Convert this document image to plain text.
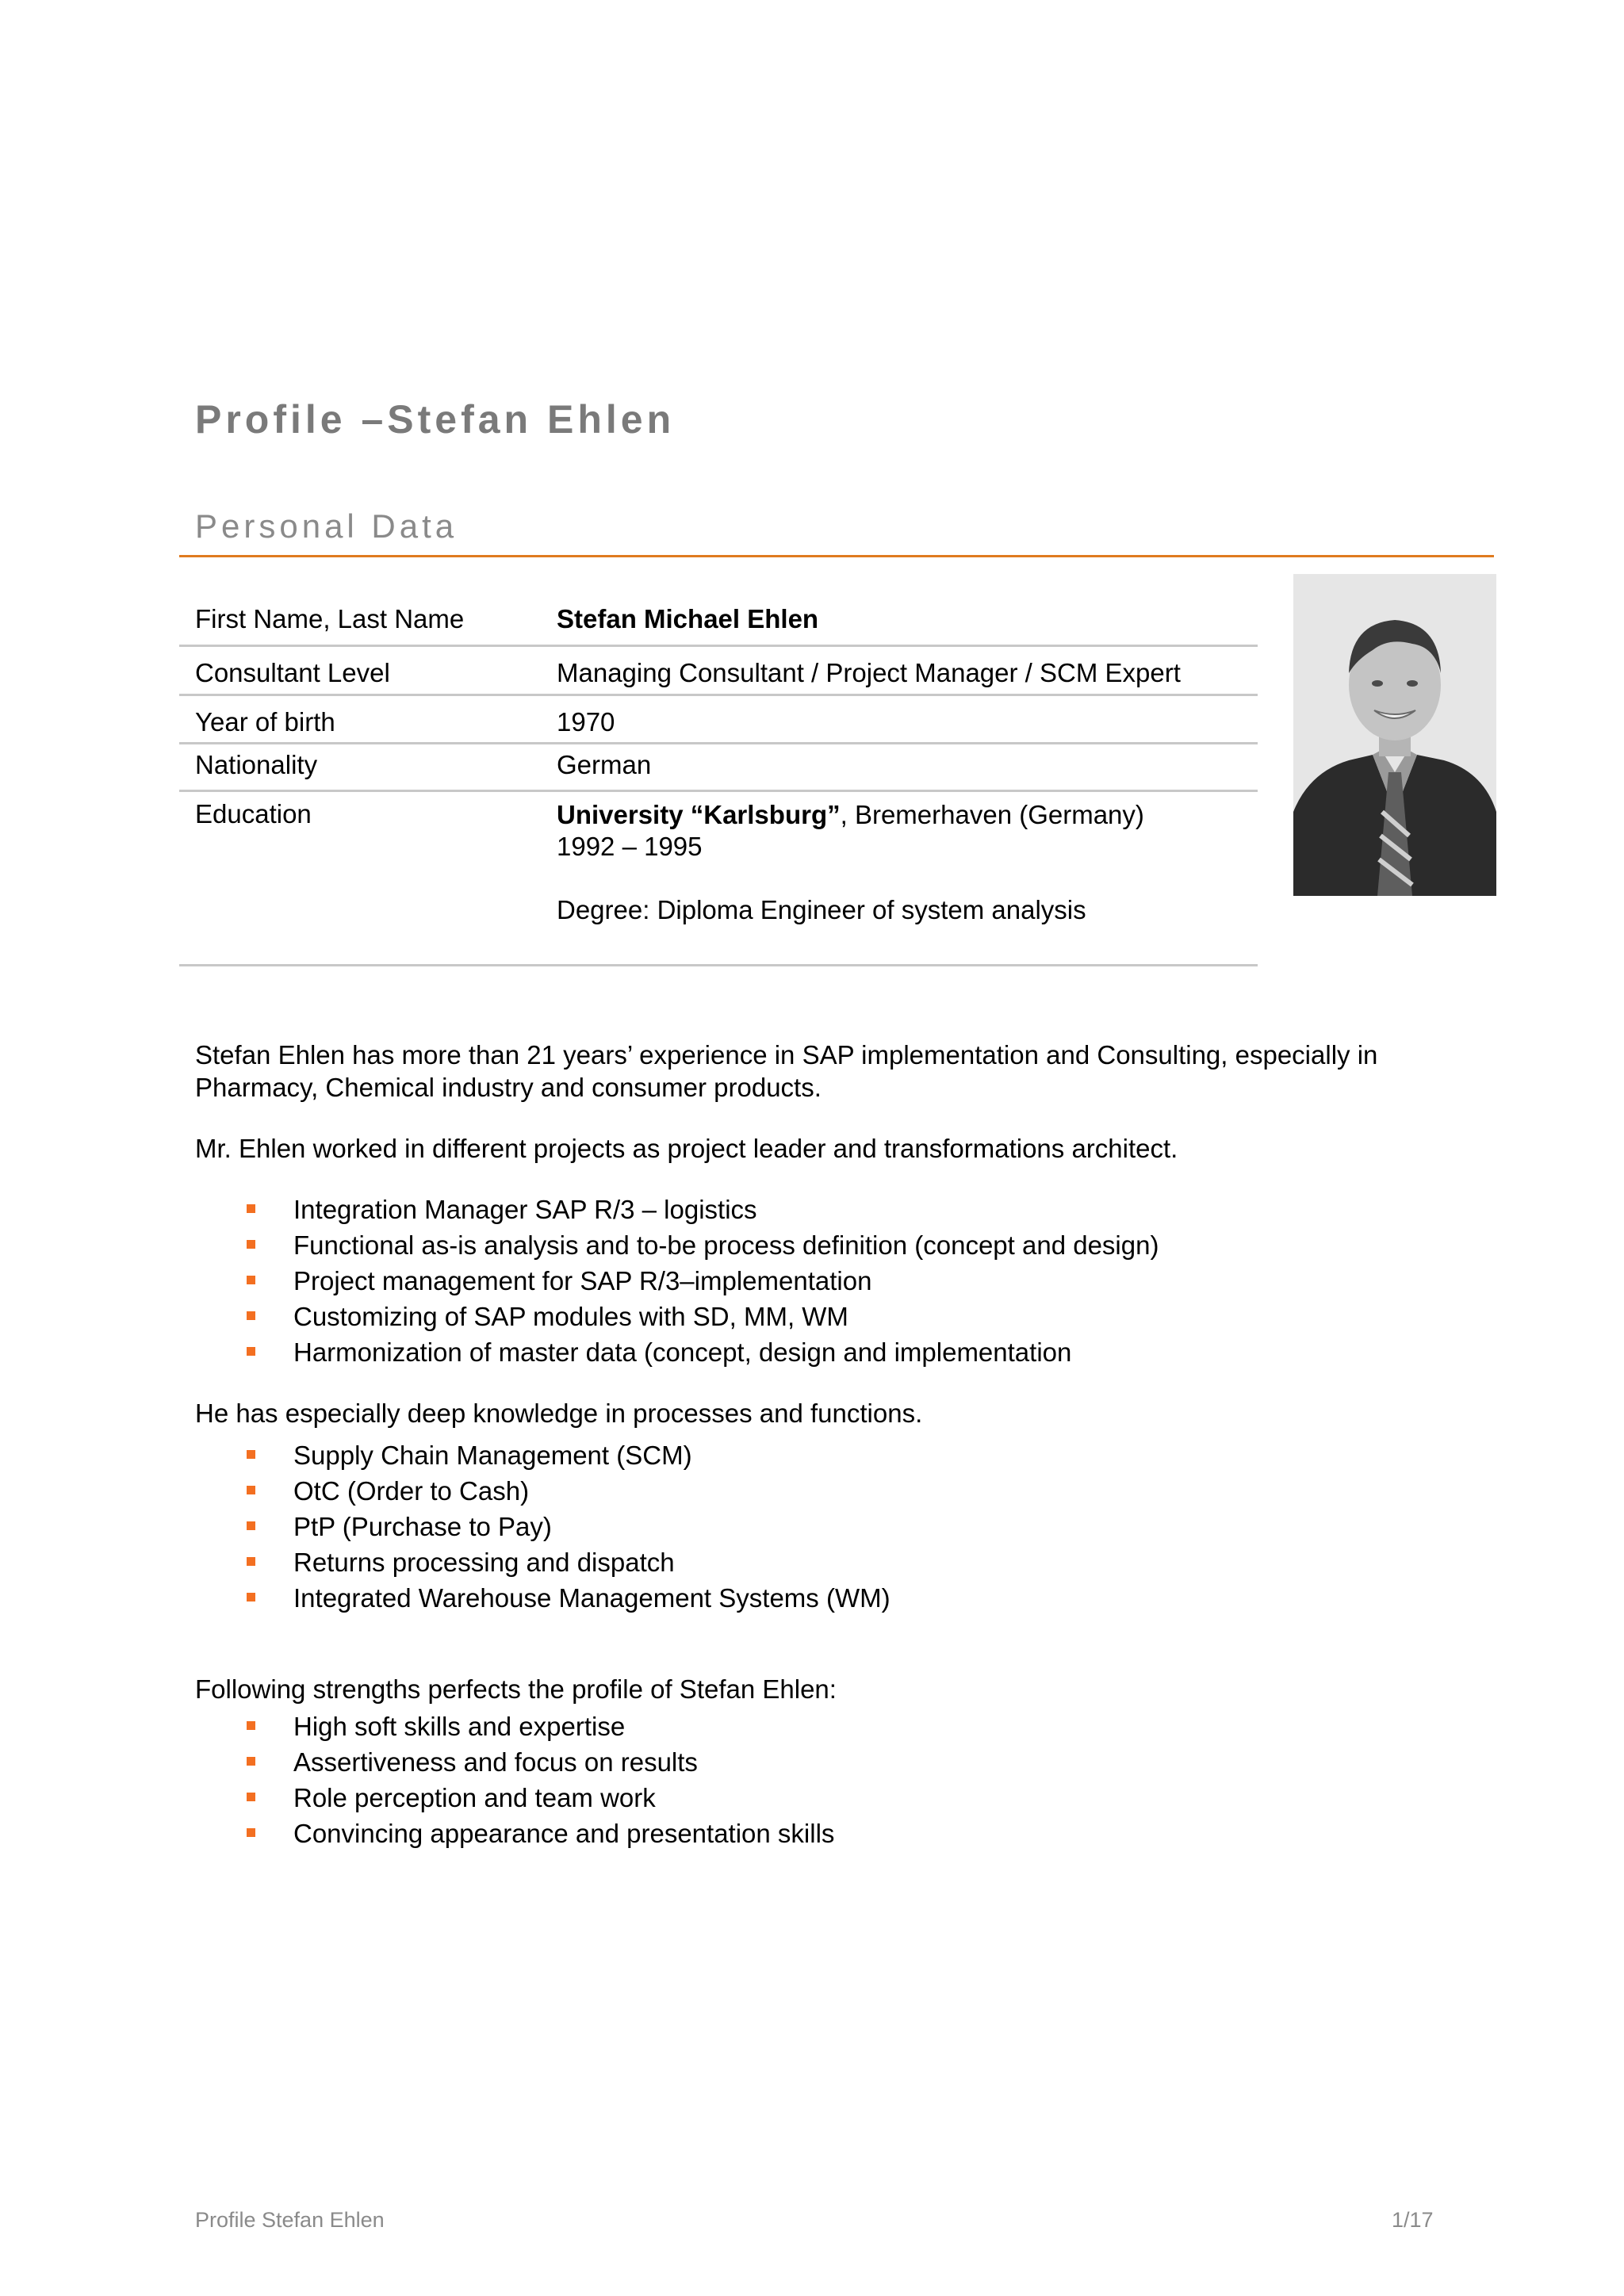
Profile –Stefan Ehlen
Personal Data
First Name, Last Name	Stefan Michael Ehlen
Consultant Level	Managing Consultant / Project Manager / SCM Expert
Year of birth	1970
Nationality	German
Education	University “Karlsburg”, Bremerhaven (Germany)
1992 – 1995
Degree: Diploma Engineer of system analysis

Stefan Ehlen has more than 21 years’ experience in SAP implementation and Consulting, especially in Pharmacy, Chemical industry and consumer products.

Mr. Ehlen worked in different projects as project leader and transformations architect.

Integration Manager SAP R/3 – logistics
Functional as-is analysis and to-be process definition (concept and design)
Project management for SAP R/3–implementation
Customizing of SAP modules with SD, MM, WM
Harmonization of master data (concept, design and implementation

He has especially deep knowledge in processes and functions.

Supply Chain Management (SCM)
OtC (Order to Cash)
PtP (Purchase to Pay)
Returns processing and dispatch
Integrated Warehouse Management Systems (WM)

Following strengths perfects the profile of Stefan Ehlen:

High soft skills and expertise
Assertiveness and focus on results
Role perception and team work
Convincing appearance and presentation skills
Profile Stefan Ehlen	1/17
